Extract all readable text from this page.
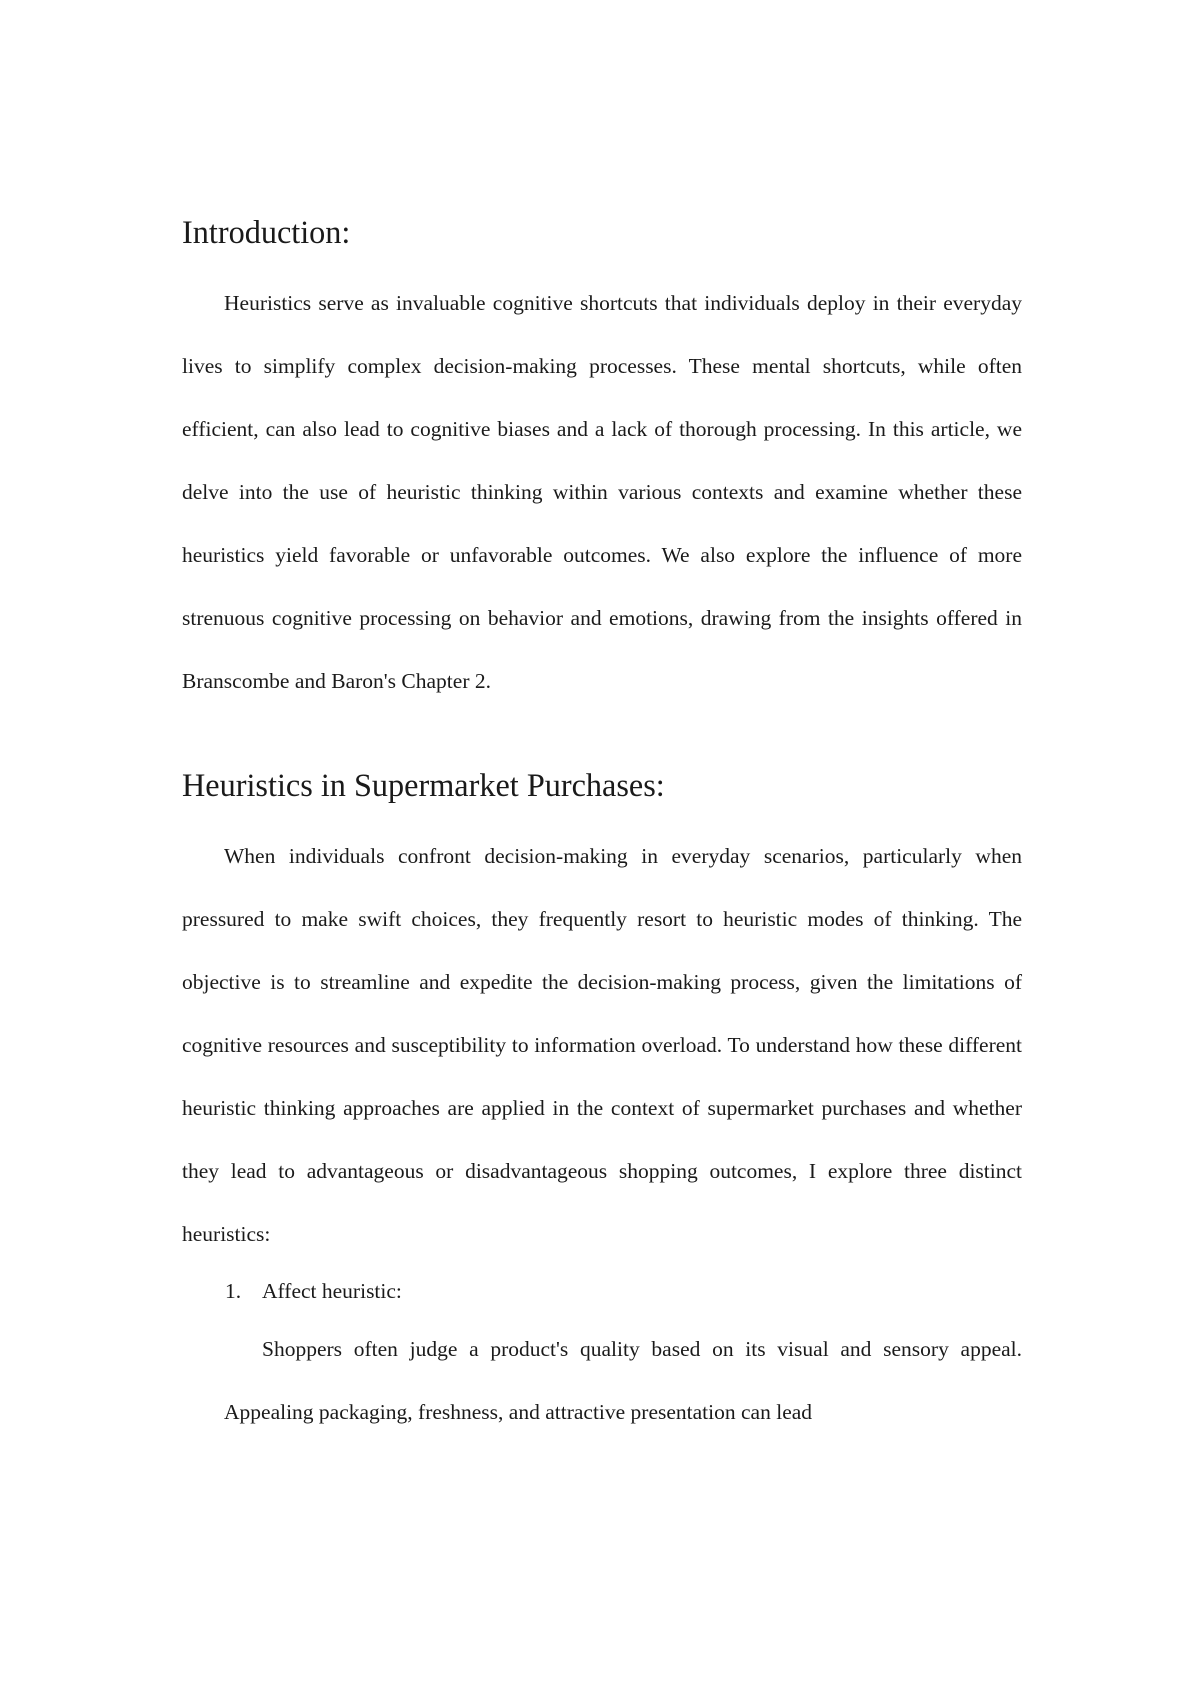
Introduction:

Heuristics serve as invaluable cognitive shortcuts that individuals deploy in their everyday lives to simplify complex decision-making processes. These mental shortcuts, while often efficient, can also lead to cognitive biases and a lack of thorough processing. In this article, we delve into the use of heuristic thinking within various contexts and examine whether these heuristics yield favorable or unfavorable outcomes. We also explore the influence of more strenuous cognitive processing on behavior and emotions, drawing from the insights offered in Branscombe and Baron's Chapter 2.

Heuristics in Supermarket Purchases:

When individuals confront decision-making in everyday scenarios, particularly when pressured to make swift choices, they frequently resort to heuristic modes of thinking. The objective is to streamline and expedite the decision-making process, given the limitations of cognitive resources and susceptibility to information overload. To understand how these different heuristic thinking approaches are applied in the context of supermarket purchases and whether they lead to advantageous or disadvantageous shopping outcomes, I explore three distinct heuristics:

1. Affect heuristic:

Shoppers often judge a product's quality based on its visual and sensory appeal. Appealing packaging, freshness, and attractive presentation can lead
